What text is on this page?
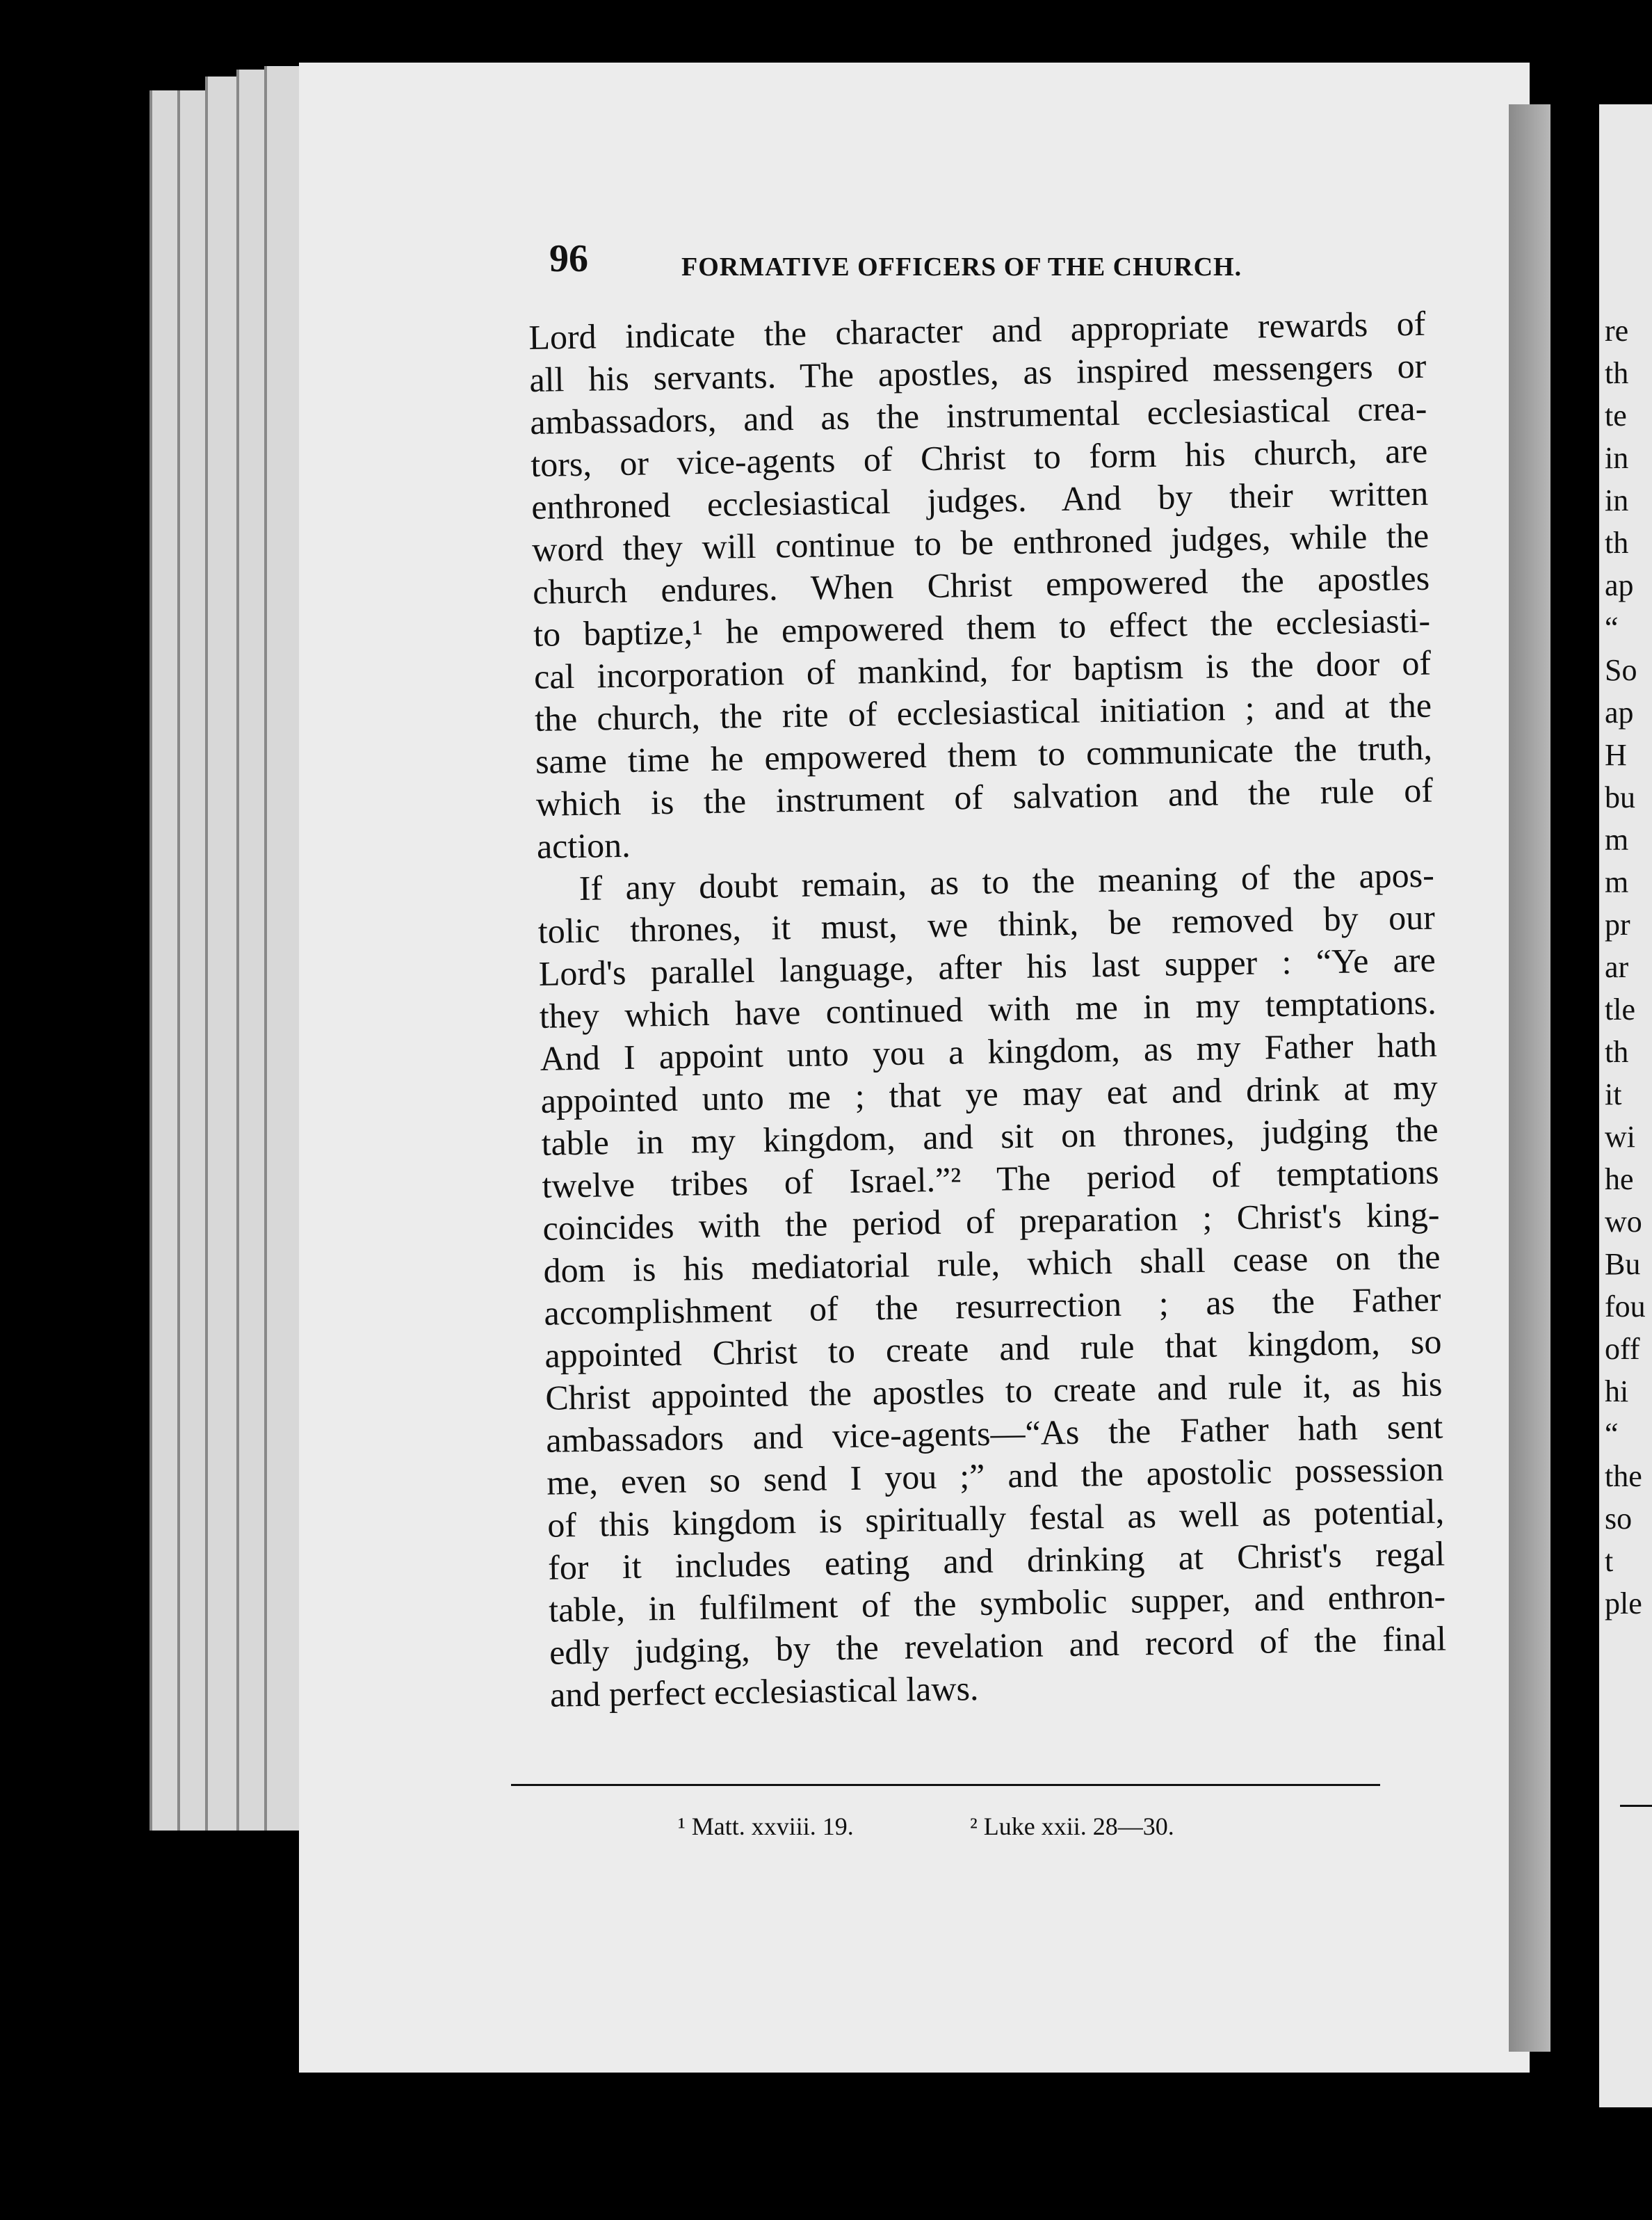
re
th
te
in
in
th
ap
“
So
ap
H
bu
m
m
pr
ar
tle
th
it
wi
he
wo
Bu
fou
off
hi
“
the
so
t
ple
96	FORMATIVE OFFICERS OF THE CHURCH.
Lord indicate the character and appropriate rewards of
all his servants. The apostles, as inspired messengers or
ambassadors, and as the instrumental ecclesiastical crea-
tors, or vice-agents of Christ to form his church, are
enthroned ecclesiastical judges. And by their written
word they will continue to be enthroned judges, while the
church endures. When Christ empowered the apostles
to baptize,¹ he empowered them to effect the ecclesiasti-
cal incorporation of mankind, for baptism is the door of
the church, the rite of ecclesiastical initiation ; and at the
same time he empowered them to communicate the truth,
which is the instrument of salvation and the rule of
action.
If any doubt remain, as to the meaning of the apos-
tolic thrones, it must, we think, be removed by our
Lord's parallel language, after his last supper : “Ye are
they which have continued with me in my temptations.
And I appoint unto you a kingdom, as my Father hath
appointed unto me ; that ye may eat and drink at my
table in my kingdom, and sit on thrones, judging the
twelve tribes of Israel.”² The period of temptations
coincides with the period of preparation ; Christ's king-
dom is his mediatorial rule, which shall cease on the
accomplishment of the resurrection ; as the Father
appointed Christ to create and rule that kingdom, so
Christ appointed the apostles to create and rule it, as his
ambassadors and vice-agents—“As the Father hath sent
me, even so send I you ;” and the apostolic possession
of this kingdom is spiritually festal as well as potential,
for it includes eating and drinking at Christ's regal
table, in fulfilment of the symbolic supper, and enthron-
edly judging, by the revelation and record of the final
and perfect ecclesiastical laws.
¹ Matt. xxviii. 19.	² Luke xxii. 28—30.
